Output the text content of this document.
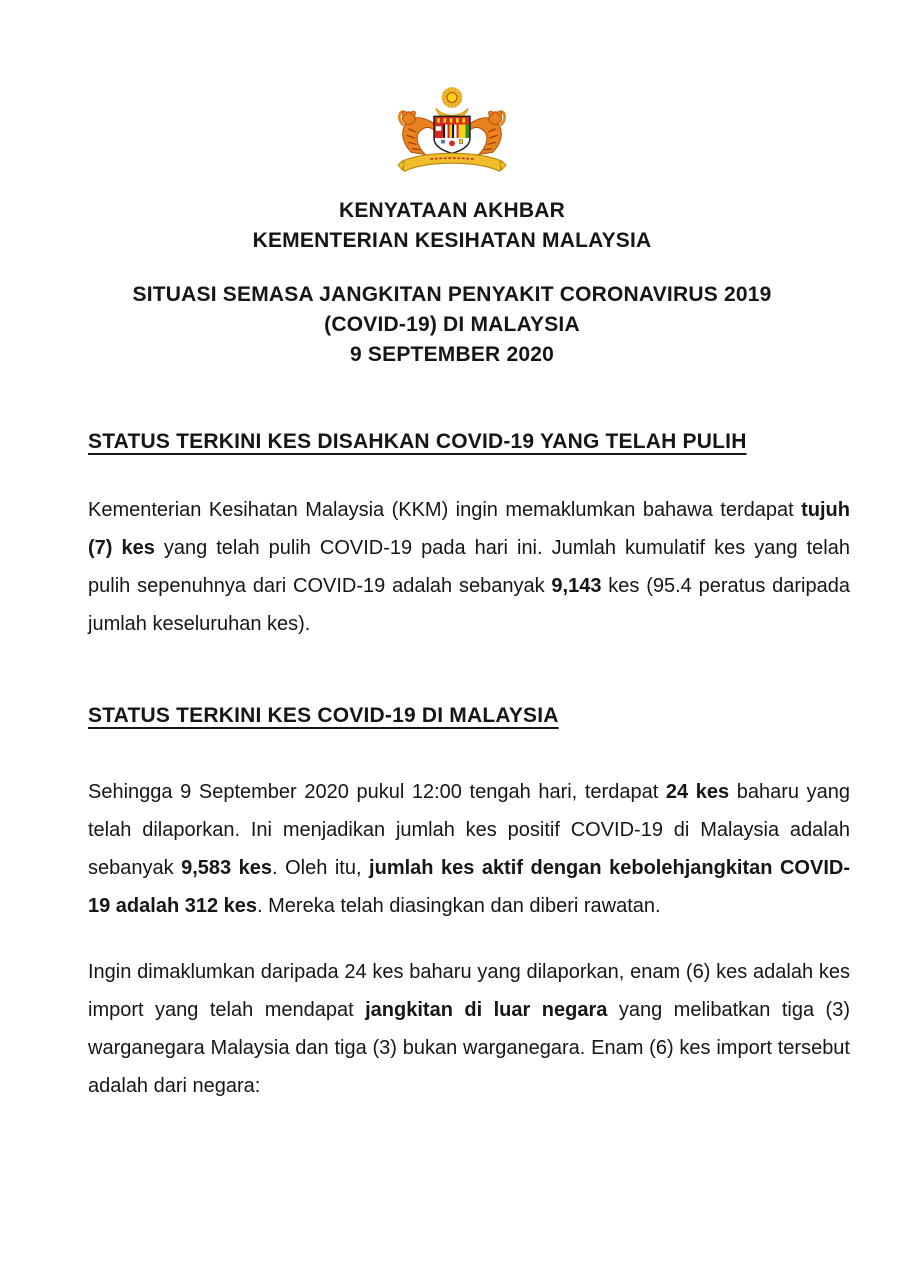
KENYATAAN AKHBAR
KEMENTERIAN KESIHATAN MALAYSIA
SITUASI SEMASA JANGKITAN PENYAKIT CORONAVIRUS 2019
(COVID-19) DI MALAYSIA
9 SEPTEMBER 2020
STATUS TERKINI KES DISAHKAN COVID-19 YANG TELAH PULIH

Kementerian Kesihatan Malaysia (KKM) ingin memaklumkan bahawa terdapat tujuh (7) kes yang telah pulih COVID-19 pada hari ini. Jumlah kumulatif kes yang telah pulih sepenuhnya dari COVID-19 adalah sebanyak 9,143 kes (95.4 peratus daripada jumlah keseluruhan kes).

STATUS TERKINI KES COVID-19 DI MALAYSIA

Sehingga 9 September 2020 pukul 12:00 tengah hari, terdapat 24 kes baharu yang telah dilaporkan. Ini menjadikan jumlah kes positif COVID-19 di Malaysia adalah sebanyak 9,583 kes. Oleh itu, jumlah kes aktif dengan kebolehjangkitan COVID-19 adalah 312 kes. Mereka telah diasingkan dan diberi rawatan.

Ingin dimaklumkan daripada 24 kes baharu yang dilaporkan, enam (6) kes adalah kes import yang telah mendapat jangkitan di luar negara yang melibatkan tiga (3) warganegara Malaysia dan tiga (3) bukan warganegara. Enam (6) kes import tersebut adalah dari negara:
